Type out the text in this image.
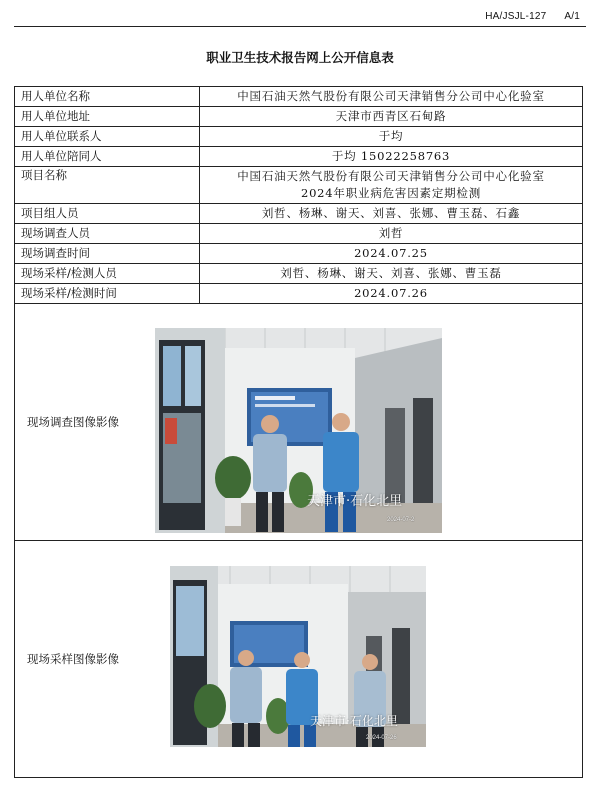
HA/JSJL-127 A/1
职业卫生技术报告网上公开信息表
用人单位名称	中国石油天然气股份有限公司天津销售分公司中心化验室
用人单位地址	天津市西青区石甸路
用人单位联系人	于均
用人单位陪同人	于均 15022258763
项目名称	中国石油天然气股份有限公司天津销售分公司中心化验室
2024年职业病危害因素定期检测

项目组人员	刘哲、杨琳、谢天、刘喜、张娜、曹玉磊、石鑫
现场调查人员	刘哲
现场调查时间	2024.07.25
现场采样/检测人员	刘哲、杨琳、谢天、刘喜、张娜、曹玉磊
现场采样/检测时间	2024.07.26

现场调查图像影像
天津市·石化北里
2024-07-2	

现场采样图像影像
天津市·石化北里
2024-07-26	
